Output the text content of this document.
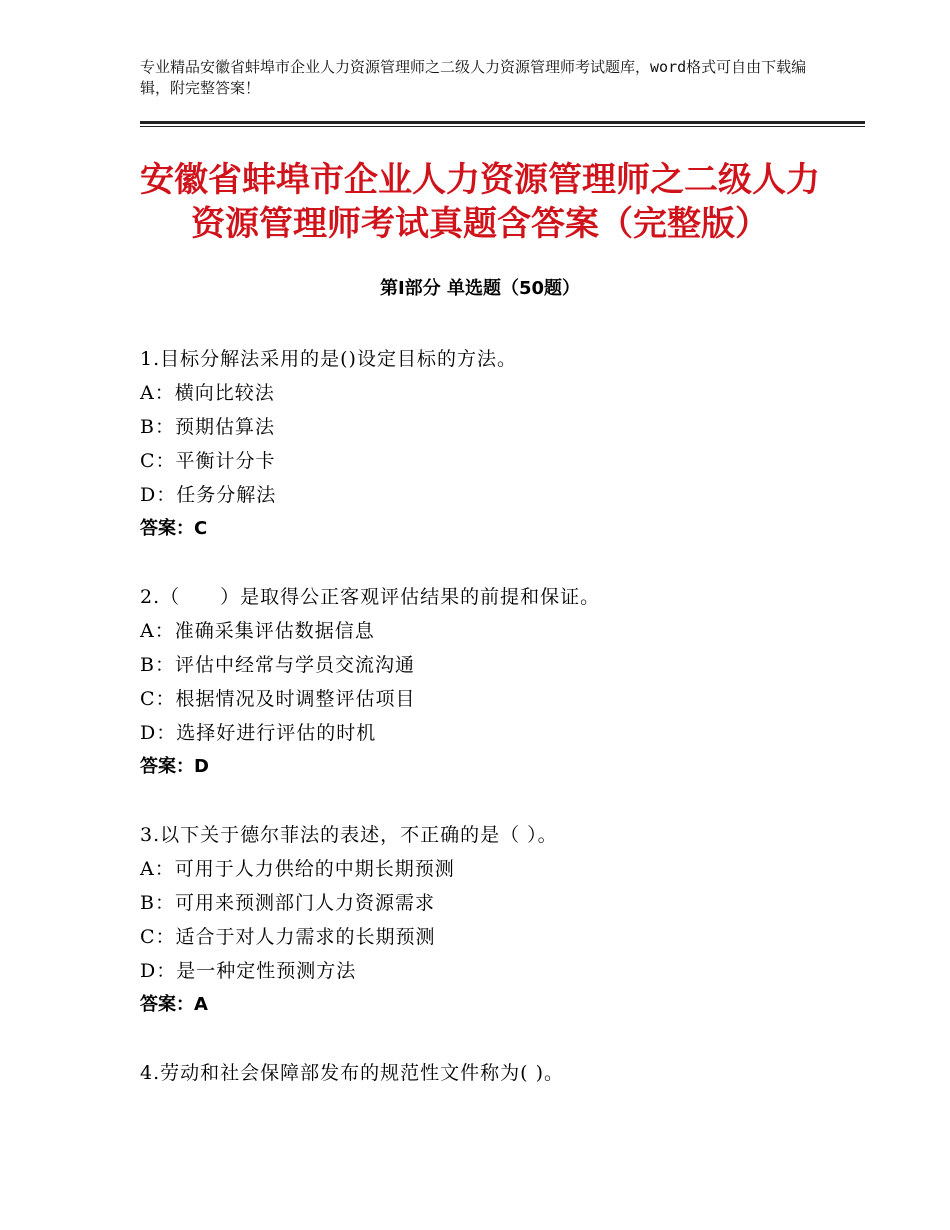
专业精品安徽省蚌埠市企业人力资源管理师之二级人力资源管理师考试题库，word格式可自由下载编辑，附完整答案！
安徽省蚌埠市企业人力资源管理师之二级人力资源管理师考试真题含答案（完整版）
第Ⅰ部分 单选题（50题）
1.目标分解法采用的是()设定目标的方法。
A：横向比较法
B：预期估算法
C：平衡计分卡
D：任务分解法
答案：C
2.（　　）是取得公正客观评估结果的前提和保证。
A：准确采集评估数据信息
B：评估中经常与学员交流沟通
C：根据情况及时调整评估项目
D：选择好进行评估的时机
答案：D
3.以下关于德尔菲法的表述，不正确的是（ ）。
A：可用于人力供给的中期长期预测
B：可用来预测部门人力资源需求
C：适合于对人力需求的长期预测
D：是一种定性预测方法
答案：A
4.劳动和社会保障部发布的规范性文件称为( )。
